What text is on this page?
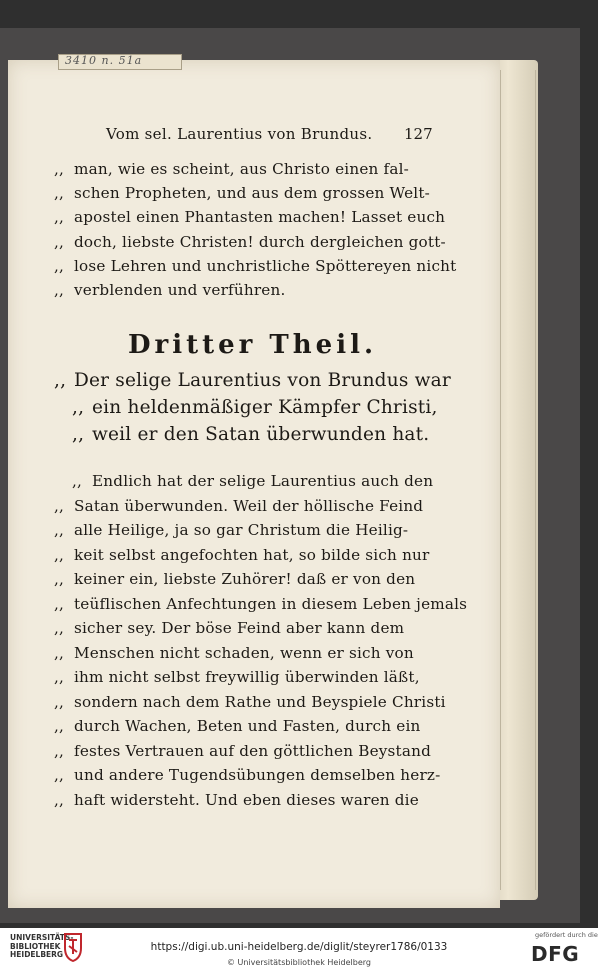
Vom sel. Laurentius von Brundus.	127
,, man, wie es scheint, aus Christo einen fal-
,, schen Propheten, und aus dem grossen Welt-
,, apostel einen Phantasten machen! Lasset euch
,, doch, liebste Christen! durch dergleichen gott-
,, lose Lehren und unchristliche Spöttereyen nicht
,, verblenden und verführen.
Dritter Theil.
,, Der selige Laurentius von Brundus war
,, ein heldenmäßiger Kämpfer Christi,
,, weil er den Satan überwunden hat.
,, Endlich hat der selige Laurentius auch den
,, Satan überwunden. Weil der höllische Feind
,, alle Heilige, ja so gar Christum die Heilig-
,, keit selbst angefochten hat, so bilde sich nur
,, keiner ein, liebste Zuhörer! daß er von den
,, teüflischen Anfechtungen in diesem Leben jemals
,, sicher sey. Der böse Feind aber kann dem
,, Menschen nicht schaden, wenn er sich von
,, ihm nicht selbst freywillig überwinden läßt,
,, sondern nach dem Rathe und Beyspiele Christi
,, durch Wachen, Beten und Fasten, durch ein
,, festes Vertrauen auf den göttlichen Beystand
,, und andere Tugendsübungen demselben herz-
,, haft widersteht. Und eben dieses waren die
3410 n. 51a
UNIVERSITÄTS-
BIBLIOTHEK
HEIDELBERG
https://digi.ub.uni-heidelberg.de/diglit/steyrer1786/0133
© Universitätsbibliothek Heidelberg
gefördert durch die
DFG
